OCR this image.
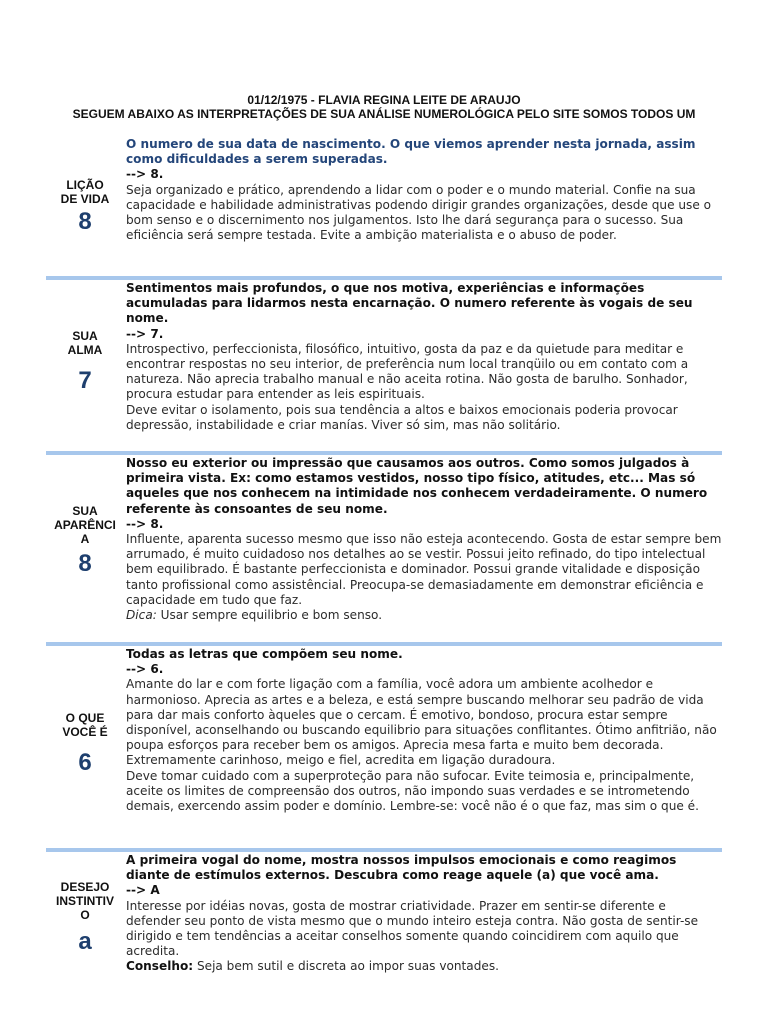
01/12/1975 - FLAVIA REGINA LEITE DE ARAUJO
SEGUEM ABAIXO AS INTERPRETAÇÕES DE SUA ANÁLISE NUMEROLÓGICA PELO SITE SOMOS TODOS UM
LIÇÃO
DE VIDA
8

O numero de sua data de nascimento. O que viemos aprender nesta jornada, assim como dificuldades a serem superadas.

--> 8.

Seja organizado e prático, aprendendo a lidar com o poder e o mundo material. Confie na sua capacidade e habilidade administrativas podendo dirigir grandes organizações, desde que use o bom senso e o discernimento nos julgamentos. Isto lhe dará segurança para o sucesso. Sua eficiência será sempre testada. Evite a ambição materialista e o abuso de poder.

SUA
ALMA
7

Sentimentos mais profundos, o que nos motiva, experiências e informações acumuladas para lidarmos nesta encarnação. O numero referente às vogais de seu nome.

--> 7.

Introspectivo, perfeccionista, filosófico, intuitivo, gosta da paz e da quietude para meditar e encontrar respostas no seu interior, de preferência num local tranqüilo ou em contato com a natureza. Não aprecia trabalho manual e não aceita rotina. Não gosta de barulho. Sonhador, procura estudar para entender as leis espirituais.

Deve evitar o isolamento, pois sua tendência a altos e baixos emocionais poderia provocar depressão, instabilidade e criar manías. Viver só sim, mas não solitário.

SUA
APARÊNCI
A
8

Nosso eu exterior ou impressão que causamos aos outros. Como somos julgados à primeira vista. Ex: como estamos vestidos, nosso tipo físico, atitudes, etc... Mas só aqueles que nos conhecem na intimidade nos conhecem verdadeiramente. O numero referente às consoantes de seu nome.

--> 8.

Influente, aparenta sucesso mesmo que isso não esteja acontecendo. Gosta de estar sempre bem arrumado, é muito cuidadoso nos detalhes ao se vestir. Possui jeito refinado, do tipo intelectual bem equilibrado. É bastante perfeccionista e dominador. Possui grande vitalidade e disposição tanto profissional como assistêncial. Preocupa-se demasiadamente em demonstrar eficiência e capacidade em tudo que faz.

Dica: Usar sempre equilibrio e bom senso.

O QUE
VOCÊ É
6

Todas as letras que compõem seu nome.

--> 6.

Amante do lar e com forte ligação com a família, você adora um ambiente acolhedor e harmonioso. Aprecia as artes e a beleza, e está sempre buscando melhorar seu padrão de vida para dar mais conforto àqueles que o cercam. É emotivo, bondoso, procura estar sempre disponível, aconselhando ou buscando equilibrio para situações conflitantes. Ótimo anfitrião, não poupa esforços para receber bem os amigos. Aprecia mesa farta e muito bem decorada. Extremamente carinhoso, meigo e fiel, acredita em ligação duradoura.

Deve tomar cuidado com a superproteção para não sufocar. Evite teimosia e, principalmente, aceite os limites de compreensão dos outros, não impondo suas verdades e se intrometendo demais, exercendo assim poder e domínio. Lembre-se: você não é o que faz, mas sim o que é.

DESEJO
INSTINTIV
O
a

A primeira vogal do nome, mostra nossos impulsos emocionais e como reagimos diante de estímulos externos. Descubra como reage aquele (a) que você ama.

--> A

Interesse por idéias novas, gosta de mostrar criatividade. Prazer em sentir-se diferente e defender seu ponto de vista mesmo que o mundo inteiro esteja contra. Não gosta de sentir-se dirigido e tem tendências a aceitar conselhos somente quando coincidirem com aquilo que acredita.

Conselho: Seja bem sutil e discreta ao impor suas vontades.
